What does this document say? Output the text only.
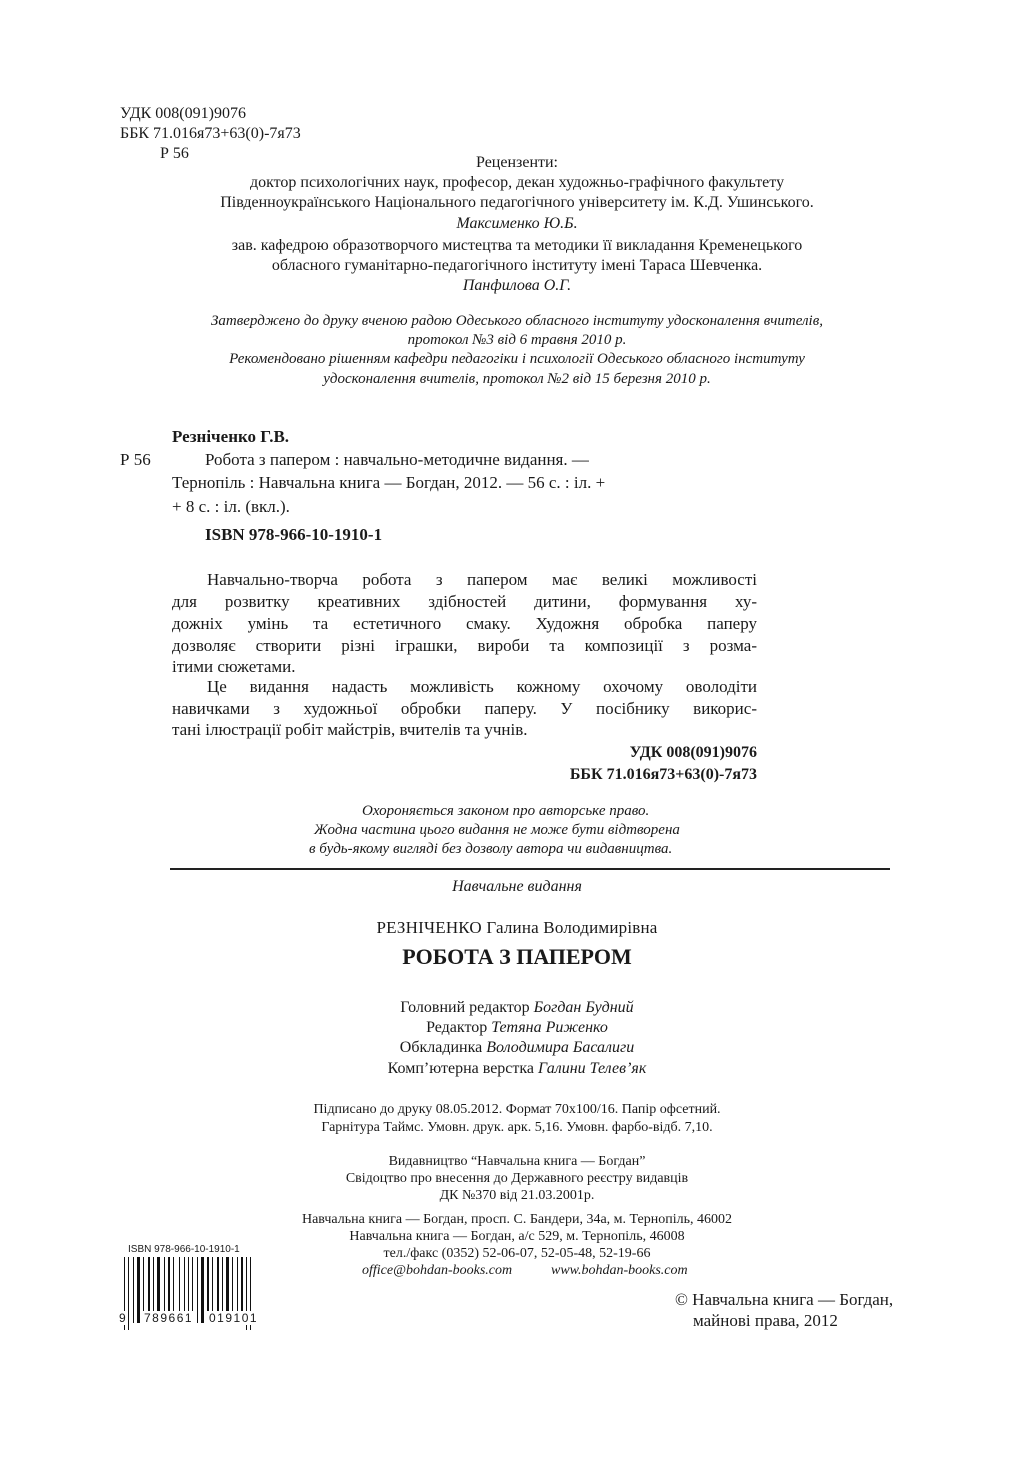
УДК 008(091)9076
ББК 71.016я73+63(0)-7я73
Р 56
Рецензенти:
доктор психологічних наук, професор, декан художньо-графічного факультету
Південноукраїнського Національного педагогічного університету ім. К.Д. Ушинського.
Максименко Ю.Б.
зав. кафедрою образотворчого мистецтва та методики її викладання Кременецького
обласного гуманітарно-педагогічного інституту імені Тараса Шевченка.
Панфилова О.Г.
Затверджено до друку вченою радою Одеського обласного інституту удосконалення вчителів,
протокол №3 від 6 травня 2010 р.
Рекомендовано рішенням кафедри педагогіки і психології Одеського обласного інституту
удосконалення вчителів, протокол №2 від 15 березня 2010 р.
Резніченко Г.В.
Р 56	Робота з папером : навчально-методичне видання. —
Тернопіль : Навчальна книга — Богдан, 2012. — 56 с. : іл. +
+ 8 с. : іл. (вкл.).
ISBN 978-966-10-1910-1
Навчально-творча робота з папером має великі можливості
для розвитку креативних здібностей дитини, формування ху-
дожніх умінь та естетичного смаку. Художня обробка паперу
дозволяє створити різні іграшки, вироби та композиції з розма-
ітими сюжетами.
Це видання надасть можливість кожному охочому оволодіти
навичками з художньої обробки паперу. У посібнику викорис-
тані ілюстрації робіт майстрів, вчителів та учнів.
УДК 008(091)9076
ББК 71.016я73+63(0)-7я73
Охороняється законом про авторське право.
Жодна частина цього видання не може бути відтворена
в будь-якому вигляді без дозволу автора чи видавництва.
Навчальне видання
РЕЗНІЧЕНКО Галина Володимирівна
РОБОТА З ПАПЕРОМ
Головний редактор Богдан Будний
Редактор Тетяна Риженко
Обкладинка Володимира Басалиги
Комп’ютерна верстка Галини Телев’як
Підписано до друку 08.05.2012. Формат 70x100/16. Папір офсетний.
Гарнітура Таймс. Умовн. друк. арк. 5,16. Умовн. фарбо-відб. 7,10.
Видавництво “Навчальна книга — Богдан”
Свідоцтво про внесення до Державного реєстру видавців
ДК №370 від 21.03.2001р.
Навчальна книга — Богдан, просп. С. Бандери, 34а, м. Тернопіль, 46002
Навчальна книга — Богдан, а/с 529, м. Тернопіль, 46008
тел./факс (0352) 52-06-07, 52-05-48, 52-19-66
office@bohdan-books.com	www.bohdan-books.com
ISBN 978-966-10-1910-1
9 789661 019101
© Навчальна книга — Богдан,
майнові права, 2012
